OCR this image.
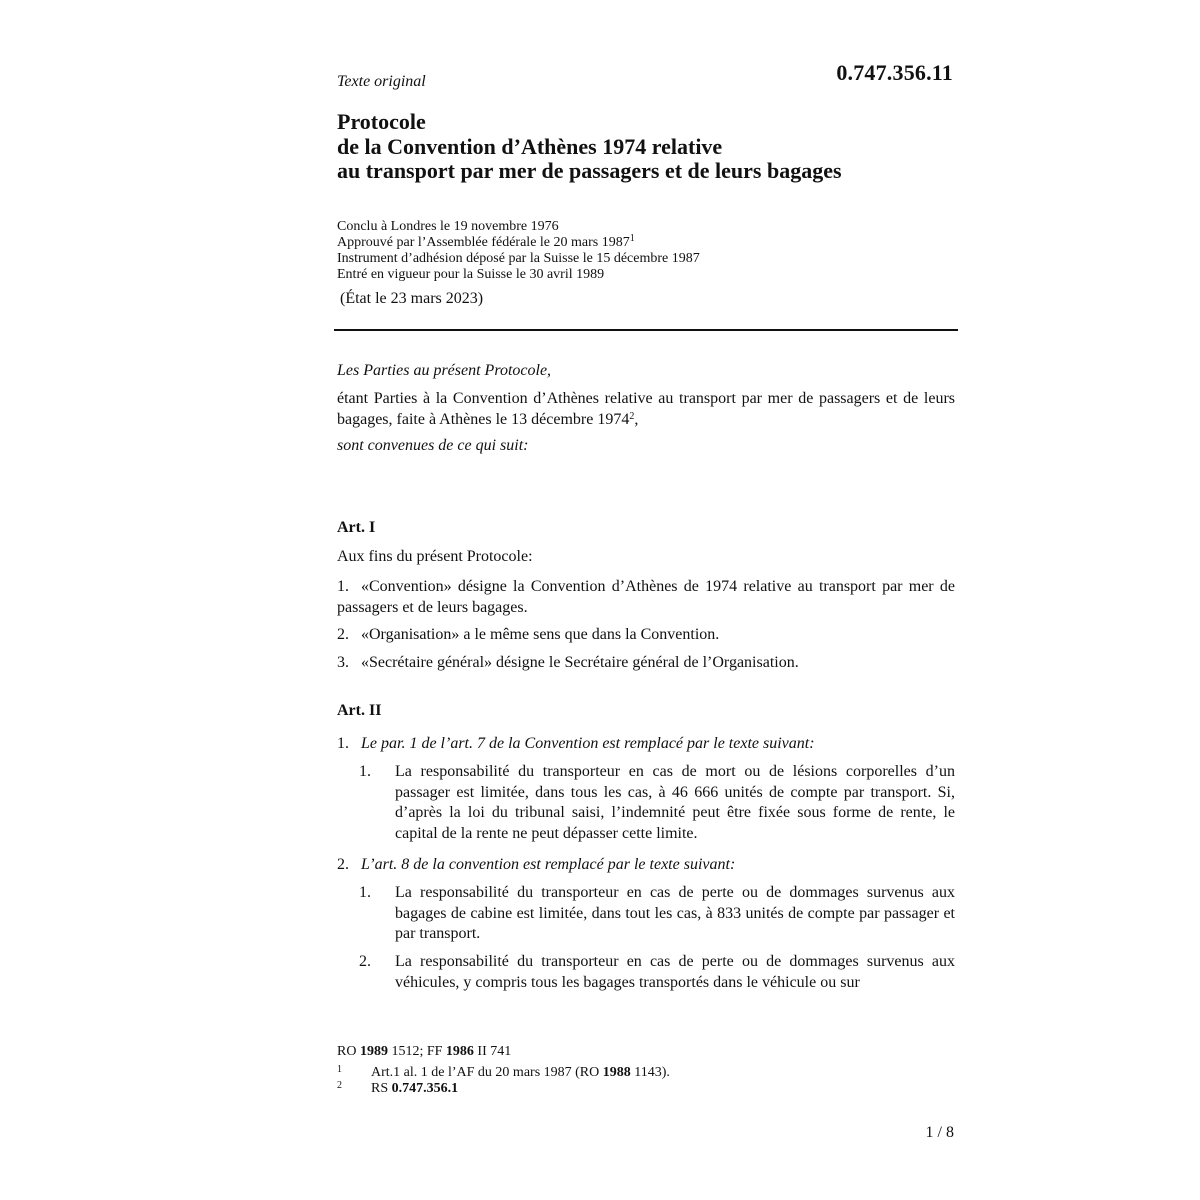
0.747.356.11
Texte original
Protocole
de la Convention d’Athènes 1974 relative
au transport par mer de passagers et de leurs bagages
Conclu à Londres le 19 novembre 1976
Approuvé par l’Assemblée fédérale le 20 mars 1987$^1$
Instrument d’adhésion déposé par la Suisse le 15 décembre 1987
Entré en vigueur pour la Suisse le 30 avril 1989
(État le 23 mars 2023)
Les Parties au présent Protocole,
étant Parties à la Convention d’Athènes relative au transport par mer de passagers et de leurs bagages, faite à Athènes le 13 décembre 1974$^2$,
sont convenues de ce qui suit:
Art. I
Aux fins du présent Protocole:
1. «Convention» désigne la Convention d’Athènes de 1974 relative au transport par mer de passagers et de leurs bagages.
2. «Organisation» a le même sens que dans la Convention.
3. «Secrétaire général» désigne le Secrétaire général de l’Organisation.
Art. II
1. Le par. 1 de l’art. 7 de la Convention est remplacé par le texte suivant:
1. La responsabilité du transporteur en cas de mort ou de lésions corporelles d’un passager est limitée, dans tous les cas, à 46 666 unités de compte par transport. Si, d’après la loi du tribunal saisi, l’indemnité peut être fixée sous forme de rente, le capital de la rente ne peut dépasser cette limite.
2. L’art. 8 de la convention est remplacé par le texte suivant:
1. La responsabilité du transporteur en cas de perte ou de dommages survenus aux bagages de cabine est limitée, dans tout les cas, à 833 unités de compte par passager et par transport.
2. La responsabilité du transporteur en cas de perte ou de dommages survenus aux véhicules, y compris tous les bagages transportés dans le véhicule ou sur
RO 1989 1512; FF 1986 II 741
1 Art.1 al. 1 de l’AF du 20 mars 1987 (RO 1988 1143).
2 RS 0.747.356.1
1 / 8
